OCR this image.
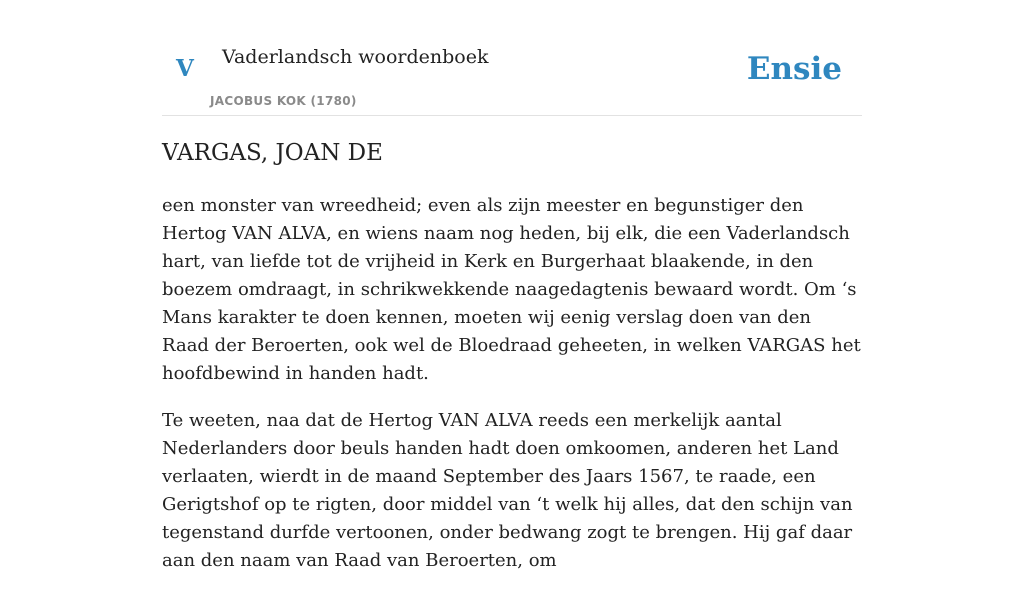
V Vaderlandsch woordenboek
JACOBUS KOK (1780)
Ensie
VARGAS, JOAN DE

een monster van wreedheid; even als zijn meester en begunstiger den Hertog VAN ALVA, en wiens naam nog heden, bij elk, die een Vaderlandsch hart, van liefde tot de vrijheid in Kerk en Burgerhaat blaakende, in den boezem omdraagt, in schrikwekkende naagedagtenis bewaard wordt. Om ‘s Mans karakter te doen kennen, moeten wij eenig verslag doen van den Raad der Beroerten, ook wel de Bloedraad geheeten, in welken VARGAS het hoofdbewind in handen hadt.

Te weeten, naa dat de Hertog VAN ALVA reeds een merkelijk aantal Nederlanders door beuls handen hadt doen omkoomen, anderen het Land verlaaten, wierdt in de maand September des Jaars 1567, te raade, een Gerigtshof op te rigten, door middel van ‘t welk hij alles, dat den schijn van tegenstand durfde vertoonen, onder bedwang zogt te brengen. Hij gaf daar aan den naam van Raad van Beroerten, om
